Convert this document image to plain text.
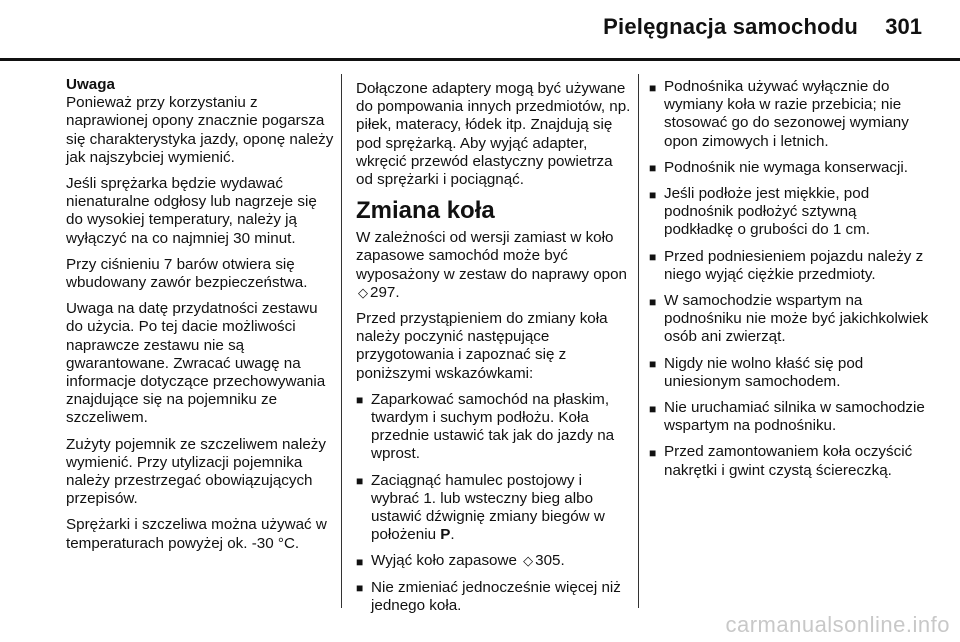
Pielęgnacja samochodu 301

Uwaga

Ponieważ przy korzystaniu z naprawionej opony znacznie pogarsza się charakterystyka jazdy, oponę należy jak najszybciej wymienić.

Jeśli sprężarka będzie wydawać nienaturalne odgłosy lub nagrzeje się do wysokiej temperatury, należy ją wyłączyć na co najmniej 30 minut.

Przy ciśnieniu 7 barów otwiera się wbudowany zawór bezpieczeństwa.

Uwaga na datę przydatności zestawu do użycia. Po tej dacie możliwości naprawcze zestawu nie są gwarantowane. Zwracać uwagę na informacje dotyczące przechowywania znajdujące się na pojemniku ze szczeliwem.

Zużyty pojemnik ze szczeliwem należy wymienić. Przy utylizacji pojemnika należy przestrzegać obowiązujących przepisów.

Sprężarki i szczeliwa można używać w temperaturach powyżej ok. -30 °C.

Dołączone adaptery mogą być używane do pompowania innych przedmiotów, np. piłek, materacy, łódek itp. Znajdują się pod sprężarką. Aby wyjąć adapter, wkręcić przewód elastyczny powietrza od sprężarki i pociągnąć.

Zmiana koła

W zależności od wersji zamiast w koło zapasowe samochód może być wyposażony w zestaw do naprawy opon ◇ 297.

Przed przystąpieniem do zmiany koła należy poczynić następujące przygotowania i zapoznać się z poniższymi wskazówkami:

■ Zaparkować samochód na płaskim, twardym i suchym podłożu. Koła przednie ustawić tak jak do jazdy na wprost.
■ Zaciągnąć hamulec postojowy i wybrać 1. lub wsteczny bieg albo ustawić dźwignię zmiany biegów w położeniu P.
■ Wyjąć koło zapasowe ◇ 305.
■ Nie zmieniać jednocześnie więcej niż jednego koła.
■ Podnośnika używać wyłącznie do wymiany koła w razie przebicia; nie stosować go do sezonowej wymiany opon zimowych i letnich.
■ Podnośnik nie wymaga konserwacji.
■ Jeśli podłoże jest miękkie, pod podnośnik podłożyć sztywną podkładkę o grubości do 1 cm.
■ Przed podniesieniem pojazdu należy z niego wyjąć ciężkie przedmioty.
■ W samochodzie wspartym na podnośniku nie może być jakichkolwiek osób ani zwierząt.
■ Nigdy nie wolno kłaść się pod uniesionym samochodem.
■ Nie uruchamiać silnika w samochodzie wspartym na podnośniku.
■ Przed zamontowaniem koła oczyścić nakrętki i gwint czystą ściereczką.
carmanualsonline.info
